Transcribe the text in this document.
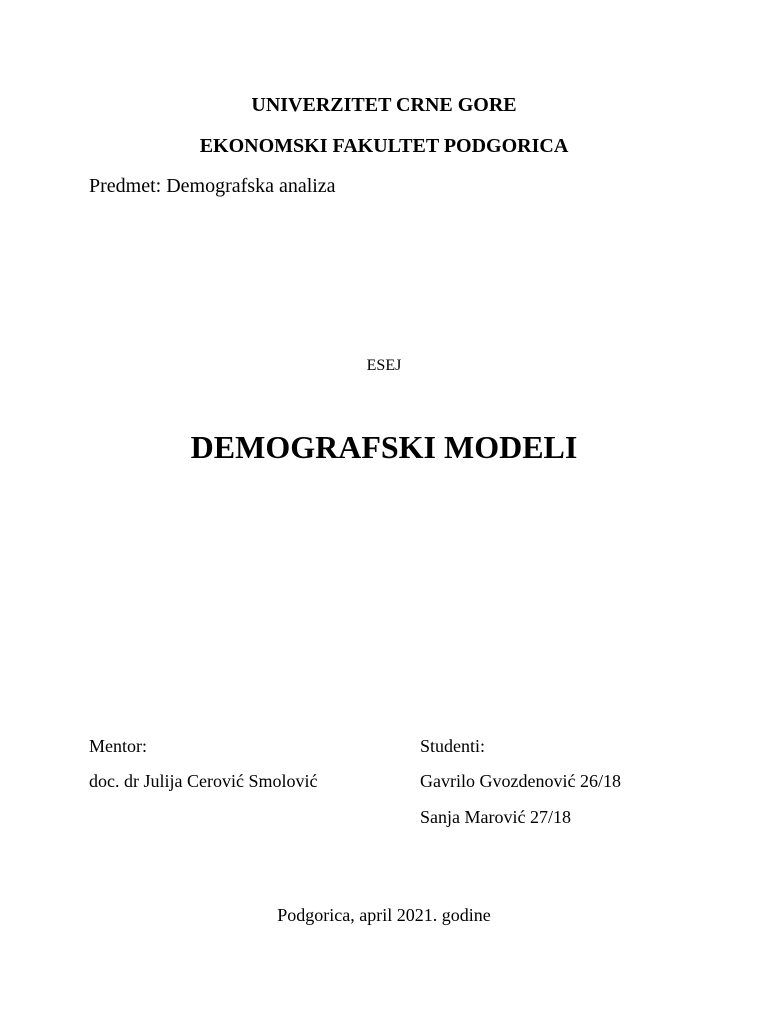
UNIVERZITET CRNE GORE
EKONOMSKI FAKULTET PODGORICA
Predmet: Demografska analiza
ESEJ
DEMOGRAFSKI MODELI
Mentor:
doc. dr Julija Cerović Smolović
Studenti:
Gavrilo Gvozdenović 26/18
Sanja Marović 27/18
Podgorica, april 2021. godine
